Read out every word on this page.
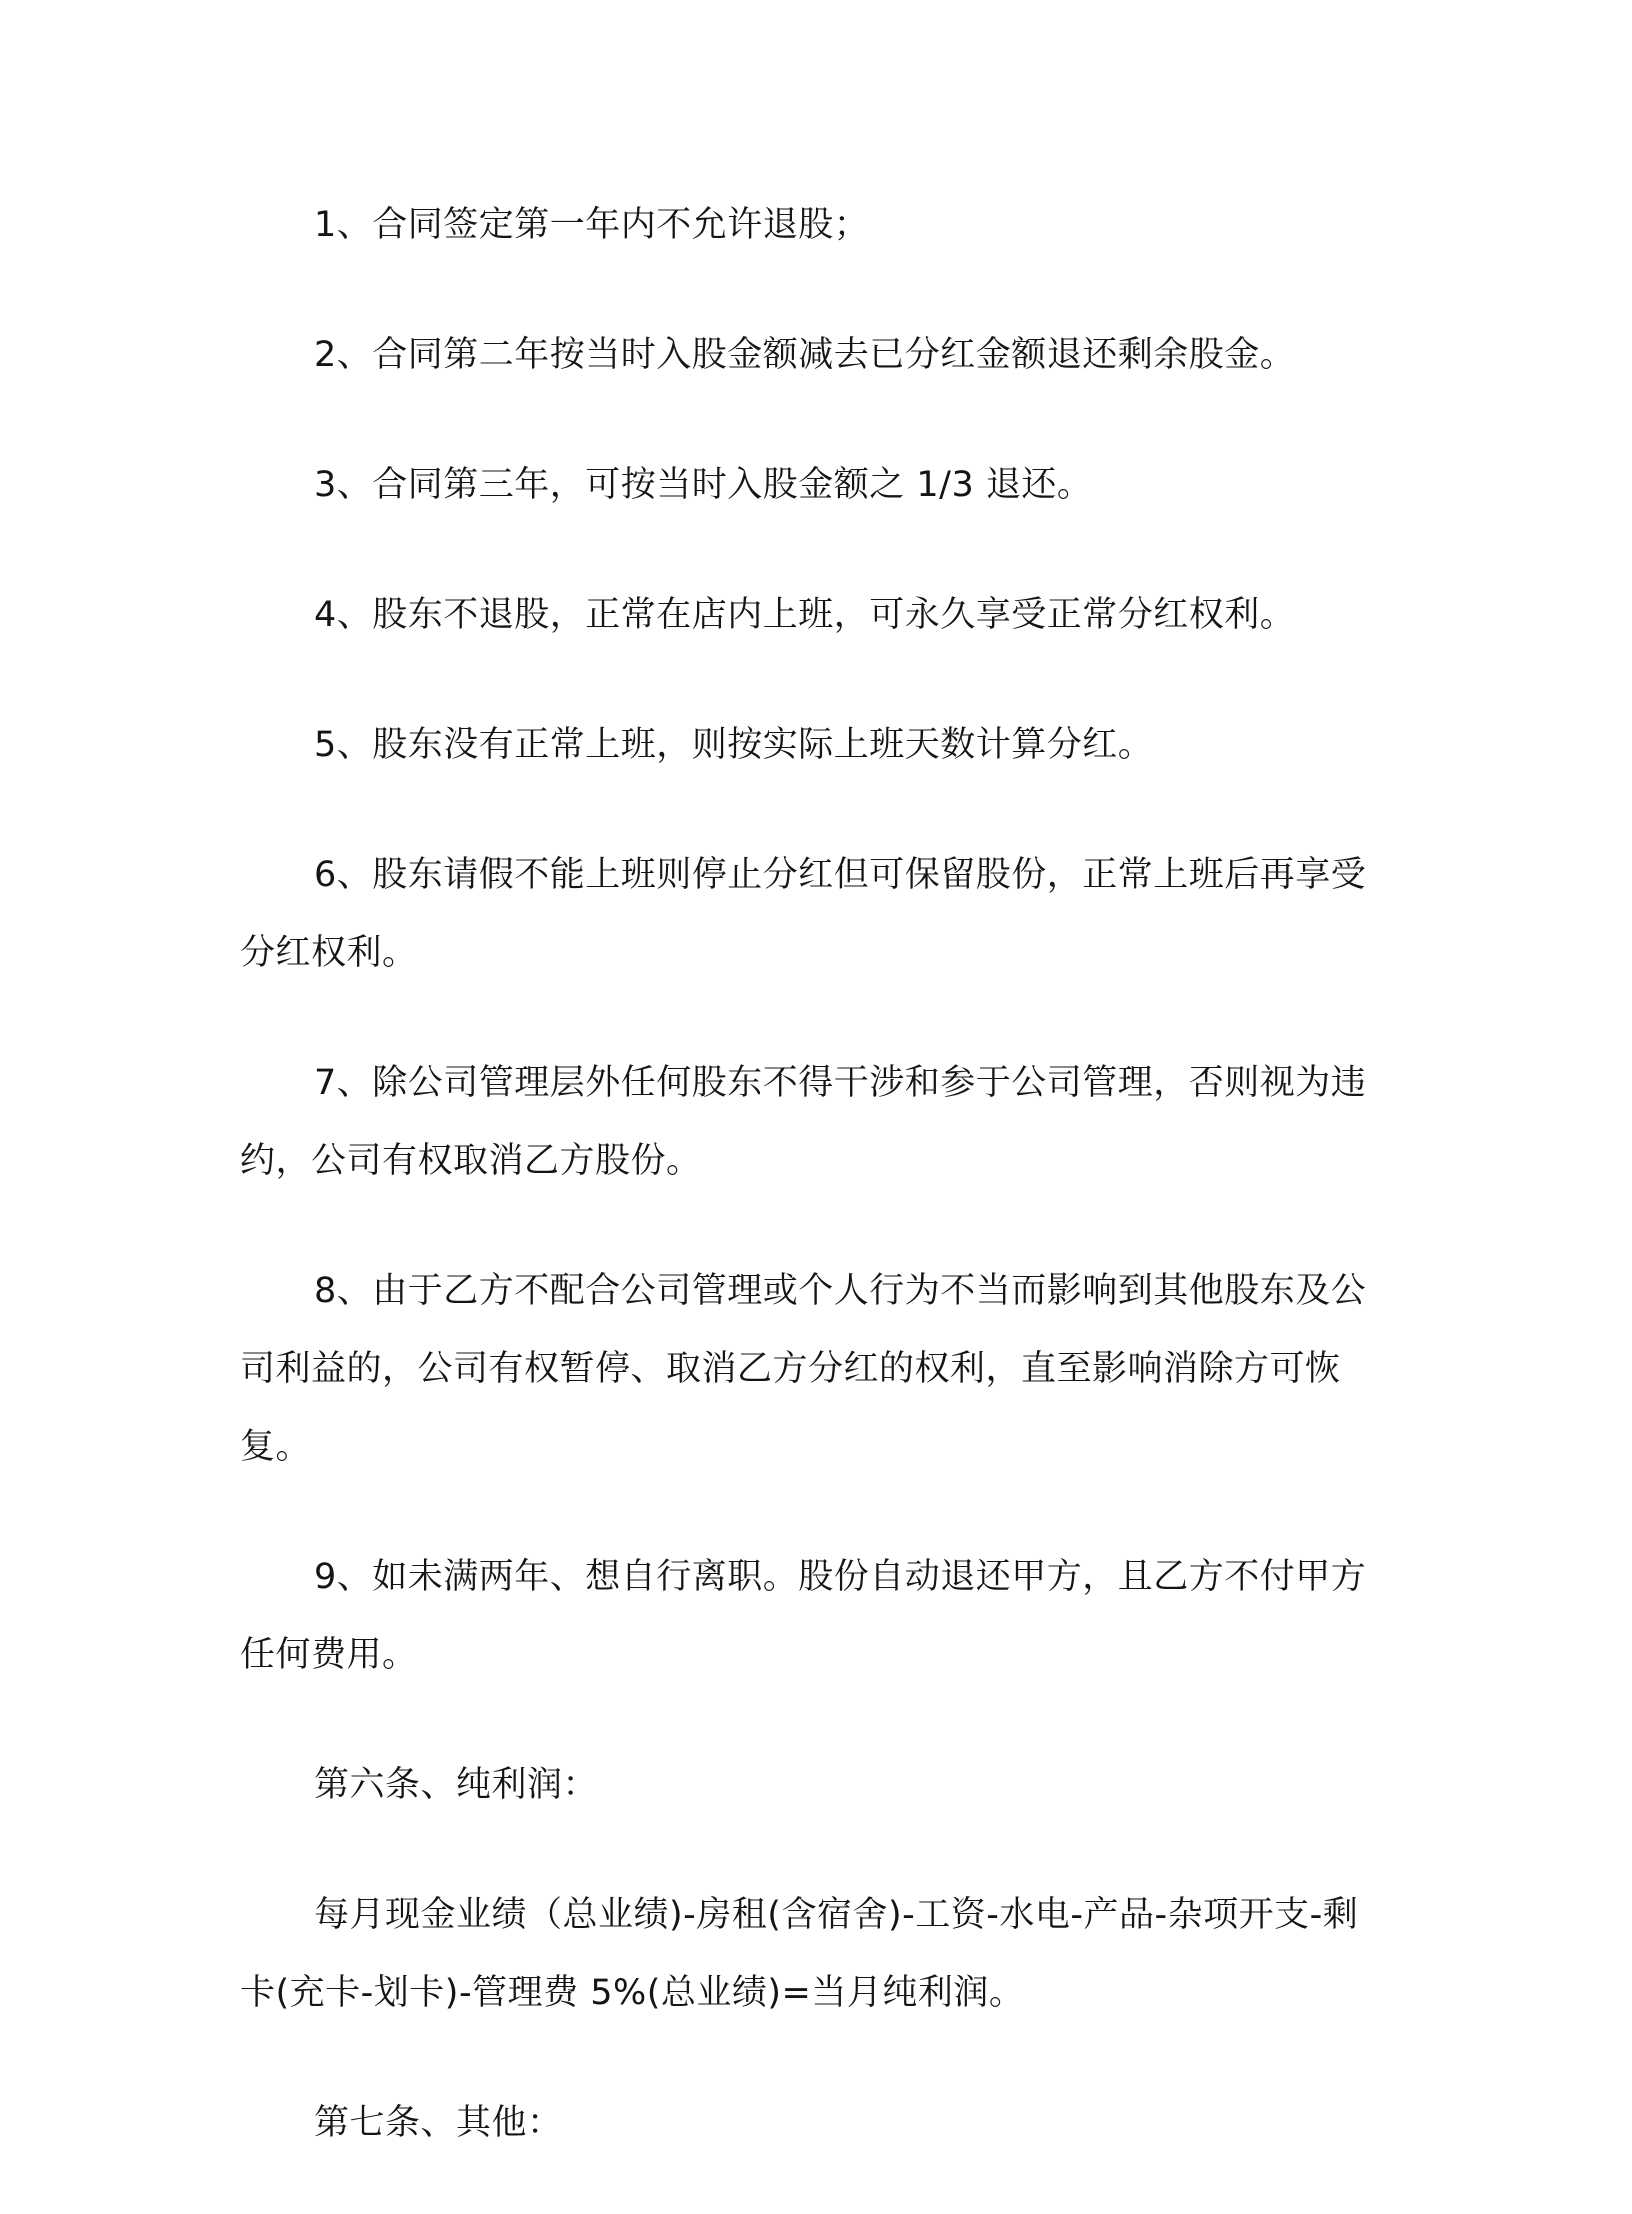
1、合同签定第一年内不允许退股；

2、合同第二年按当时入股金额减去已分红金额退还剩余股金。

3、合同第三年，可按当时入股金额之 1/3 退还。

4、股东不退股，正常在店内上班，可永久享受正常分红权利。

5、股东没有正常上班，则按实际上班天数计算分红。

6、股东请假不能上班则停止分红但可保留股份，正常上班后再享受分红权利。

7、除公司管理层外任何股东不得干涉和参于公司管理，否则视为违约，公司有权取消乙方股份。

8、由于乙方不配合公司管理或个人行为不当而影响到其他股东及公司利益的，公司有权暂停、取消乙方分红的权利，直至影响消除方可恢复。

9、如未满两年、想自行离职。股份自动退还甲方，且乙方不付甲方任何费用。

第六条、纯利润：

每月现金业绩（总业绩)-房租(含宿舍)-工资-水电-产品-杂项开支-剩卡(充卡-划卡)-管理费 5%(总业绩)=当月纯利润。

第七条、其他：
